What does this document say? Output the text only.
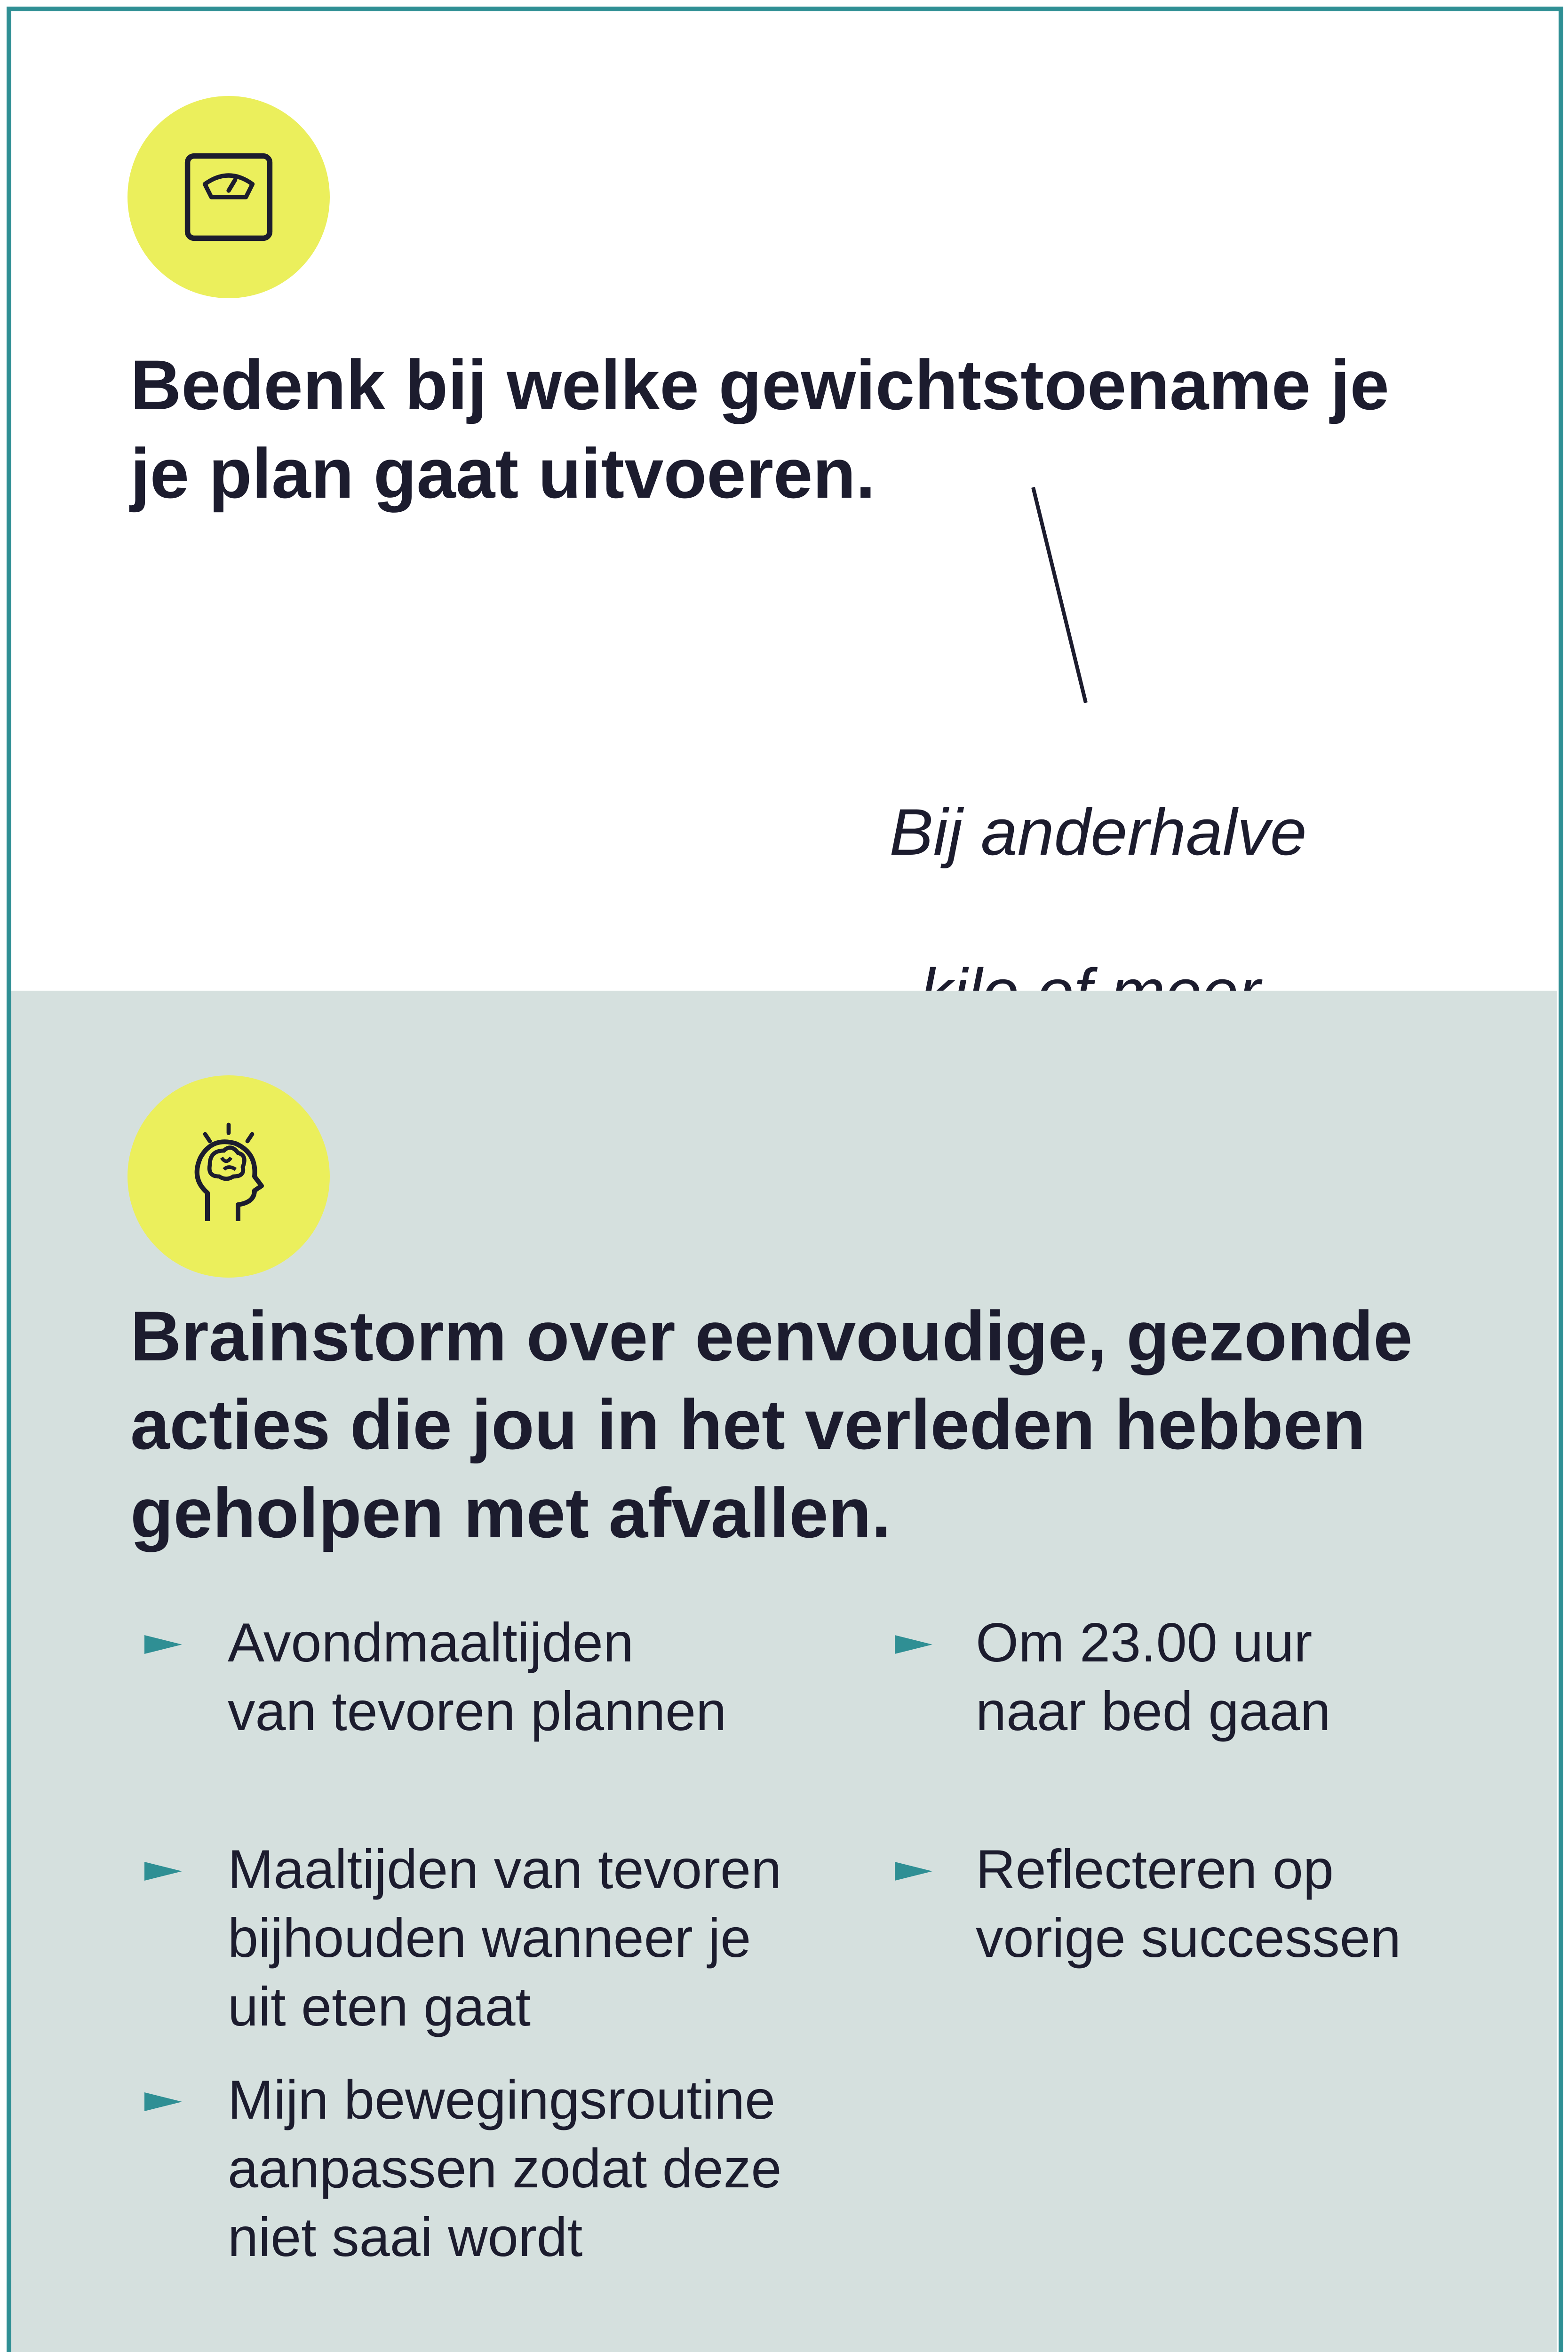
Bedenk bij welke gewichtstoename je
je plan gaat uitvoeren.

Bij anderhalve

Brainstorm over eenvoudige, gezonde
acties die jou in het verleden hebben
geholpen met afvallen.
Avondmaaltijden
van tevoren plannen
Om 23.00 uur
naar bed gaan
Maaltijden van tevoren
bijhouden wanneer je
uit eten gaat
Reflecteren op
vorige successen
Mijn bewegingsroutine
aanpassen zodat deze
niet saai wordt
